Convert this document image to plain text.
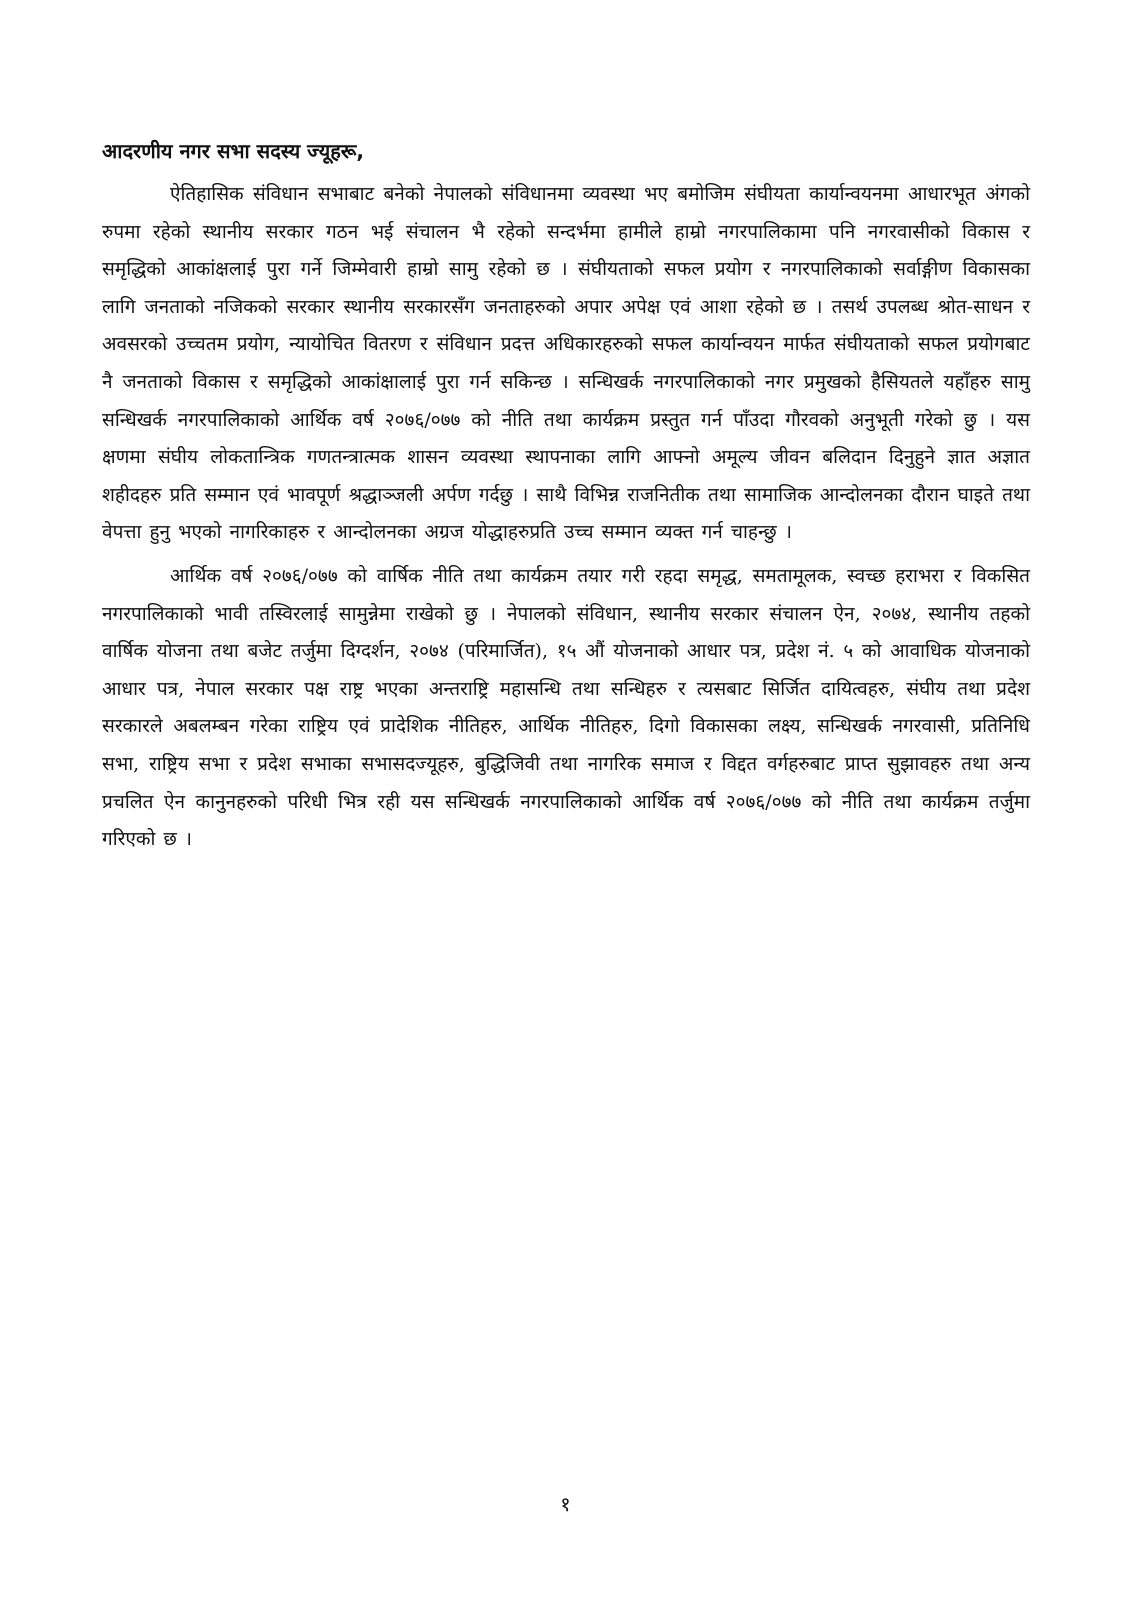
आदरणीय नगर सभा सदस्य ज्यूहरू,

ऐतिहासिक संविधान सभाबाट बनेको नेपालको संविधानमा व्यवस्था भए बमोजिम संघीयता कार्यान्वयनमा आधारभूत अंगको रुपमा रहेको स्थानीय सरकार गठन भई संचालन भै रहेको सन्दर्भमा हामीले हाम्रो नगरपालिकामा पनि नगरवासीको विकास र समृद्धिको आकांक्षलाई पुरा गर्ने जिम्मेवारी हाम्रो सामु रहेको छ । संघीयताको सफल प्रयोग र नगरपालिकाको सर्वाङ्गीण विकासका लागि जनताको नजिकको सरकार स्थानीय सरकारसँग जनताहरुको अपार अपेक्ष एवं आशा रहेको छ । तसर्थ उपलब्ध श्रोत-साधन र अवसरको उच्चतम प्रयोग, न्यायोचित वितरण र संविधान प्रदत्त अधिकारहरुको सफल कार्यान्वयन मार्फत संघीयताको सफल प्रयोगबाट नै जनताको विकास र समृद्धिको आकांक्षालाई पुरा गर्न सकिन्छ । सन्धिखर्क नगरपालिकाको नगर प्रमुखको हैसियतले यहाँहरु सामु सन्धिखर्क नगरपालिकाको आर्थिक वर्ष २०७६/०७७ को नीति तथा कार्यक्रम प्रस्तुत गर्न पाँउदा गौरवको अनुभूती गरेको छु । यस क्षणमा संघीय लोकतान्त्रिक गणतन्त्रात्मक शासन व्यवस्था स्थापनाका लागि आफ्नो अमूल्य जीवन बलिदान दिनुहुने ज्ञात अज्ञात शहीदहरु प्रति सम्मान एवं भावपूर्ण श्रद्धाञ्जली अर्पण गर्दछु । साथै विभिन्न राजनितीक तथा सामाजिक आन्दोलनका दौरान घाइते तथा वेपत्ता हुनु भएको नागरिकाहरु र आन्दोलनका अग्रज योद्धाहरुप्रति उच्च सम्मान व्यक्त गर्न चाहन्छु ।

आर्थिक वर्ष २०७६/०७७ को वार्षिक नीति तथा कार्यक्रम तयार गरी रहदा समृद्ध, समतामूलक, स्वच्छ हराभरा र विकसित नगरपालिकाको भावी तस्विरलाई सामुन्नेमा राखेको छु । नेपालको संविधान, स्थानीय सरकार संचालन ऐन, २०७४, स्थानीय तहको वार्षिक योजना तथा बजेट तर्जुमा दिग्दर्शन, २०७४ (परिमार्जित), १५ औं योजनाको आधार पत्र, प्रदेश नं. ५ को आवाधिक योजनाको आधार पत्र, नेपाल सरकार पक्ष राष्ट्र भएका अन्तराष्ट्रि महासन्धि तथा सन्धिहरु र त्यसबाट सिर्जित दायित्वहरु, संघीय तथा प्रदेश सरकारले अबलम्बन गरेका राष्ट्रिय एवं प्रादेशिक नीतिहरु, आर्थिक नीतिहरु, दिगो विकासका लक्ष्य, सन्धिखर्क नगरवासी, प्रतिनिधि सभा, राष्ट्रिय सभा र प्रदेश सभाका सभासदज्यूहरु, बुद्धिजिवी तथा नागरिक समाज र विद्दत वर्गहरुबाट प्राप्त सुझावहरु तथा अन्य प्रचलित ऐन कानुनहरुको परिधी भित्र रही यस सन्धिखर्क नगरपालिकाको आर्थिक वर्ष २०७६/०७७ को नीति तथा कार्यक्रम तर्जुमा गरिएको छ ।

१
